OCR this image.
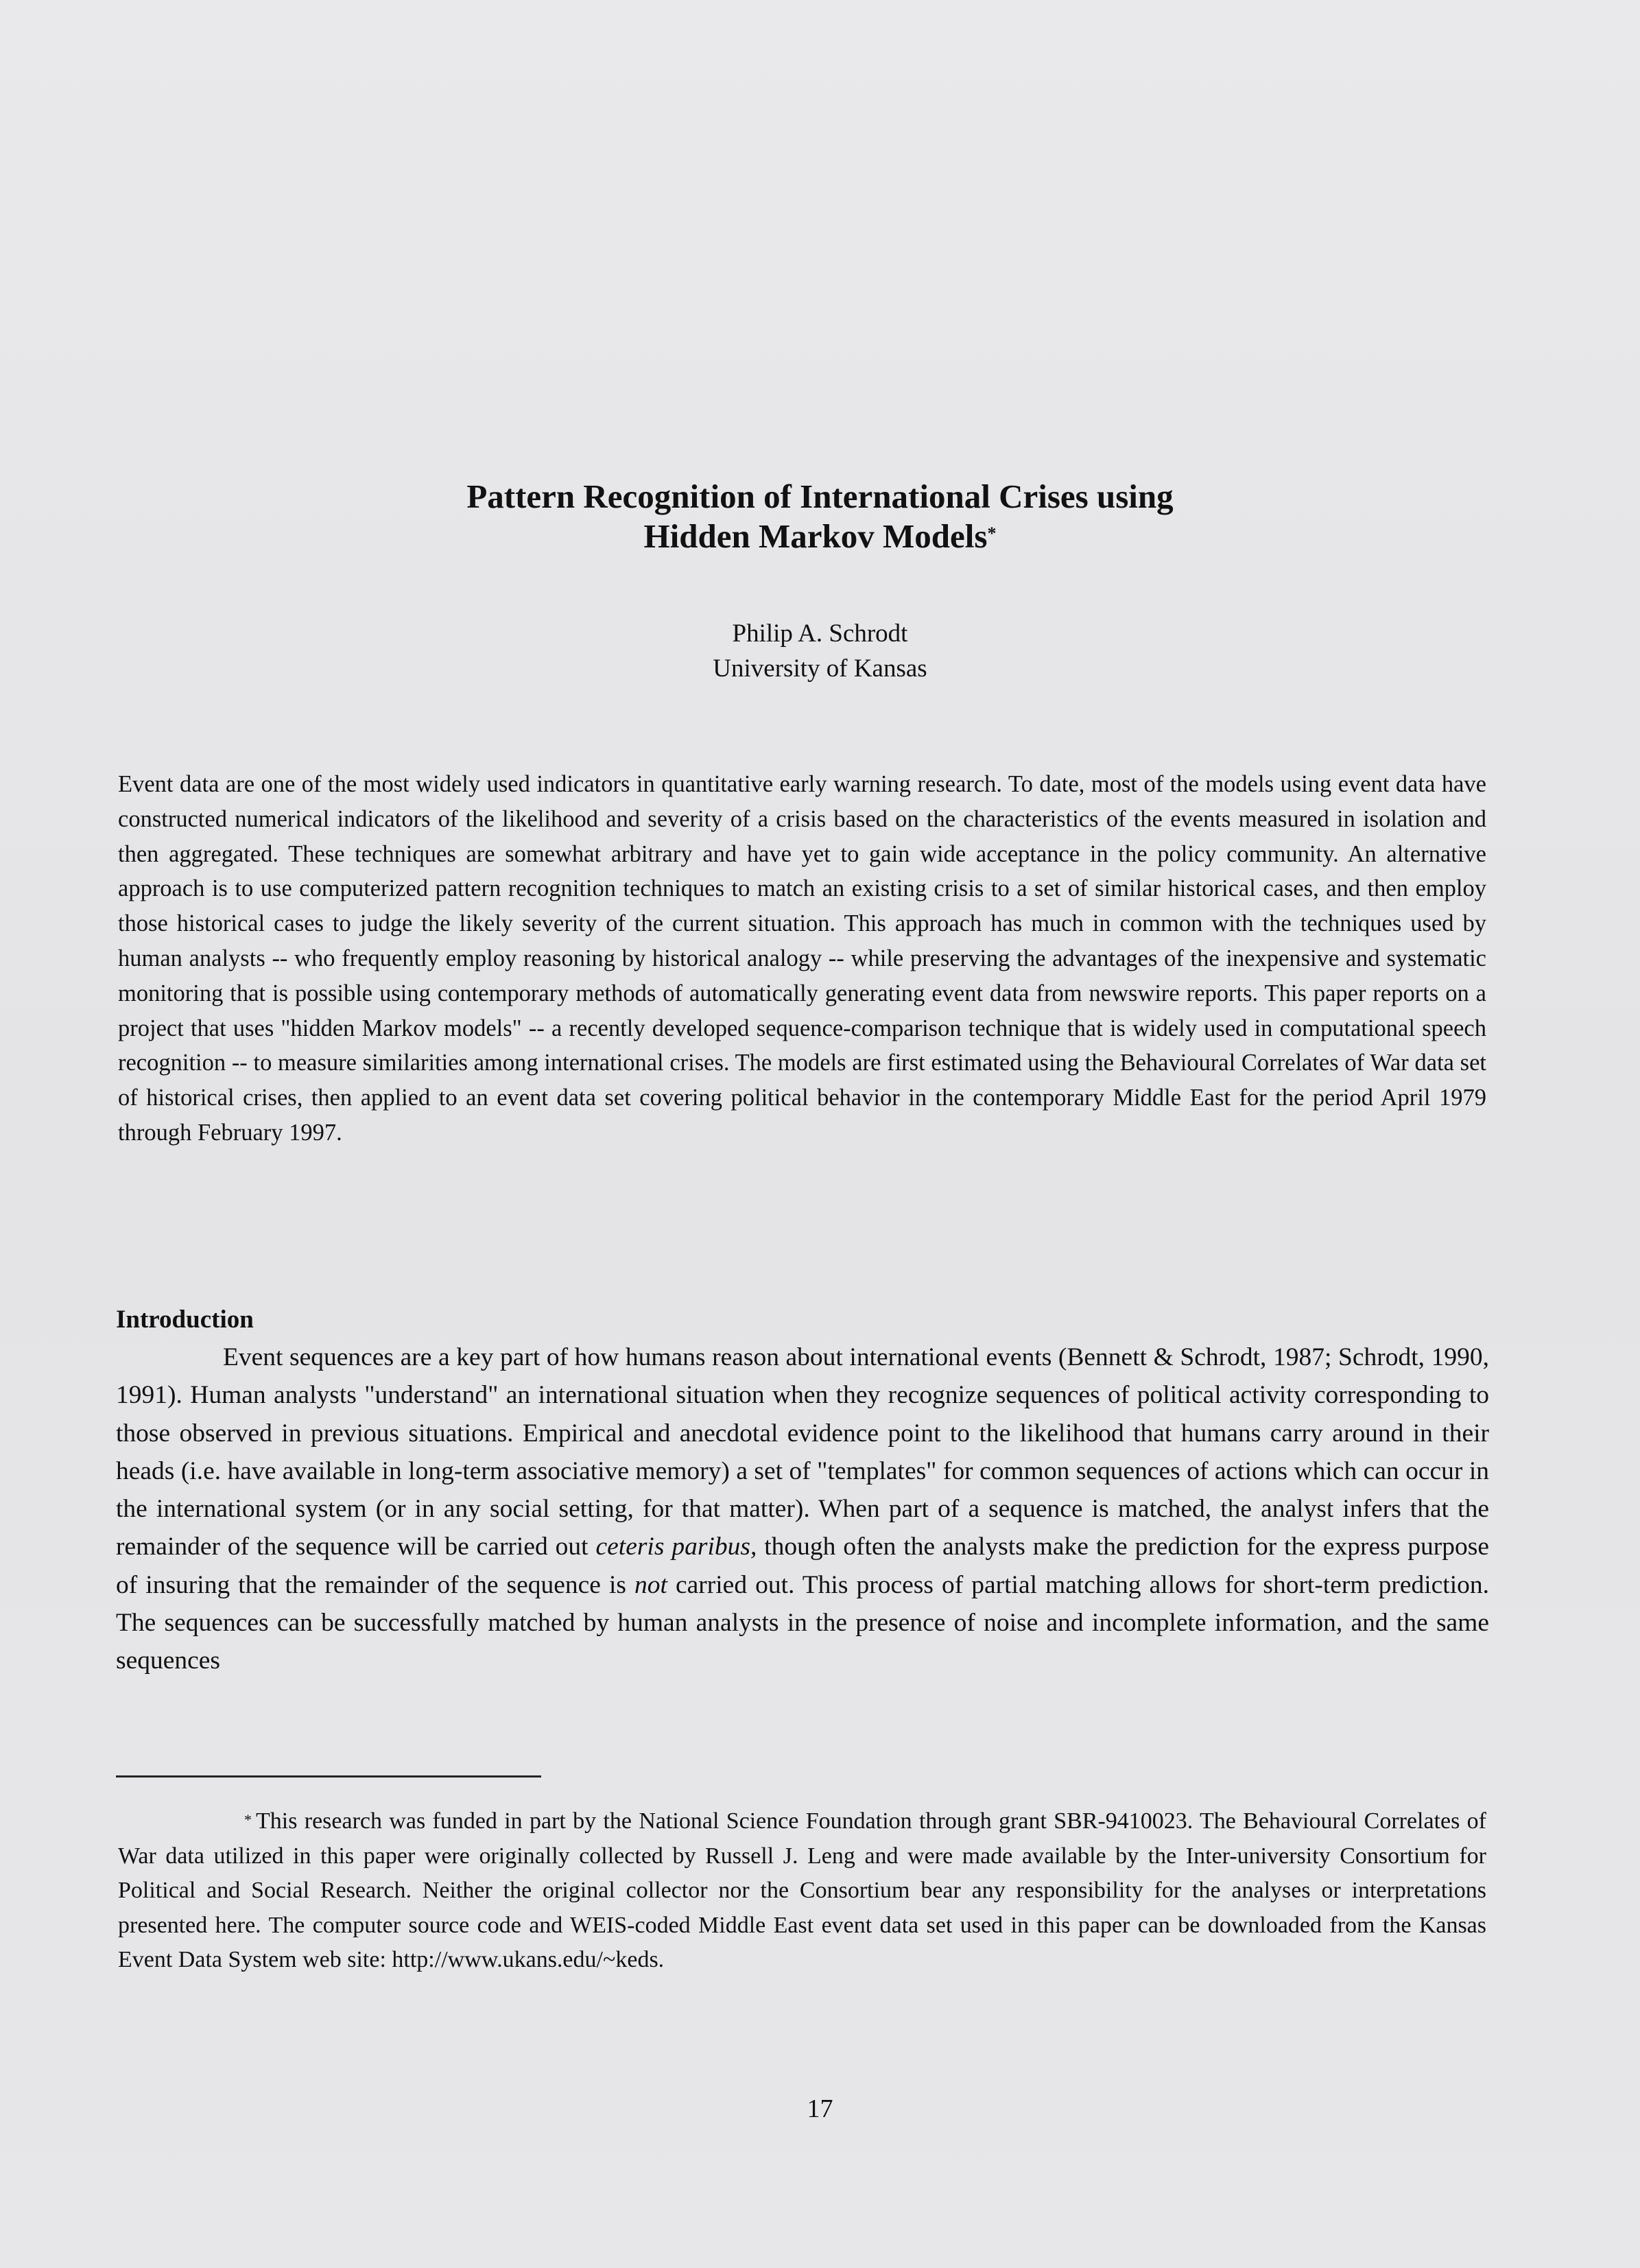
Pattern Recognition of International Crises using
Hidden Markov Models*
Philip A. Schrodt
University of Kansas
Event data are one of the most widely used indicators in quantitative early warning research. To date, most of the models using event data have constructed numerical indicators of the likelihood and severity of a crisis based on the characteristics of the events measured in isolation and then aggregated. These techniques are somewhat arbitrary and have yet to gain wide acceptance in the policy community. An alternative approach is to use computerized pattern recognition techniques to match an existing crisis to a set of similar historical cases, and then employ those historical cases to judge the likely severity of the current situation. This approach has much in common with the techniques used by human analysts -- who frequently employ reasoning by historical analogy -- while preserving the advantages of the inexpensive and systematic monitoring that is possible using contemporary methods of automatically generating event data from newswire reports. This paper reports on a project that uses "hidden Markov models" -- a recently developed sequence-comparison technique that is widely used in computational speech recognition -- to measure similarities among international crises. The models are first estimated using the Behavioural Correlates of War data set of historical crises, then applied to an event data set covering political behavior in the contemporary Middle East for the period April 1979 through February 1997.
Introduction
Event sequences are a key part of how humans reason about international events (Bennett & Schrodt, 1987; Schrodt, 1990, 1991). Human analysts "understand" an international situation when they recognize sequences of political activity corresponding to those observed in previous situations. Empirical and anecdotal evidence point to the likelihood that humans carry around in their heads (i.e. have available in long-term associative memory) a set of "templates" for common sequences of actions which can occur in the international system (or in any social setting, for that matter). When part of a sequence is matched, the analyst infers that the remainder of the sequence will be carried out ceteris paribus, though often the analysts make the prediction for the express purpose of insuring that the remainder of the sequence is not carried out. This process of partial matching allows for short-term prediction. The sequences can be successfully matched by human analysts in the presence of noise and incomplete information, and the same sequences
* This research was funded in part by the National Science Foundation through grant SBR-9410023. The Behavioural Correlates of War data utilized in this paper were originally collected by Russell J. Leng and were made available by the Inter-university Consortium for Political and Social Research. Neither the original collector nor the Consortium bear any responsibility for the analyses or interpretations presented here. The computer source code and WEIS-coded Middle East event data set used in this paper can be downloaded from the Kansas Event Data System web site: http://www.ukans.edu/~keds.
17
